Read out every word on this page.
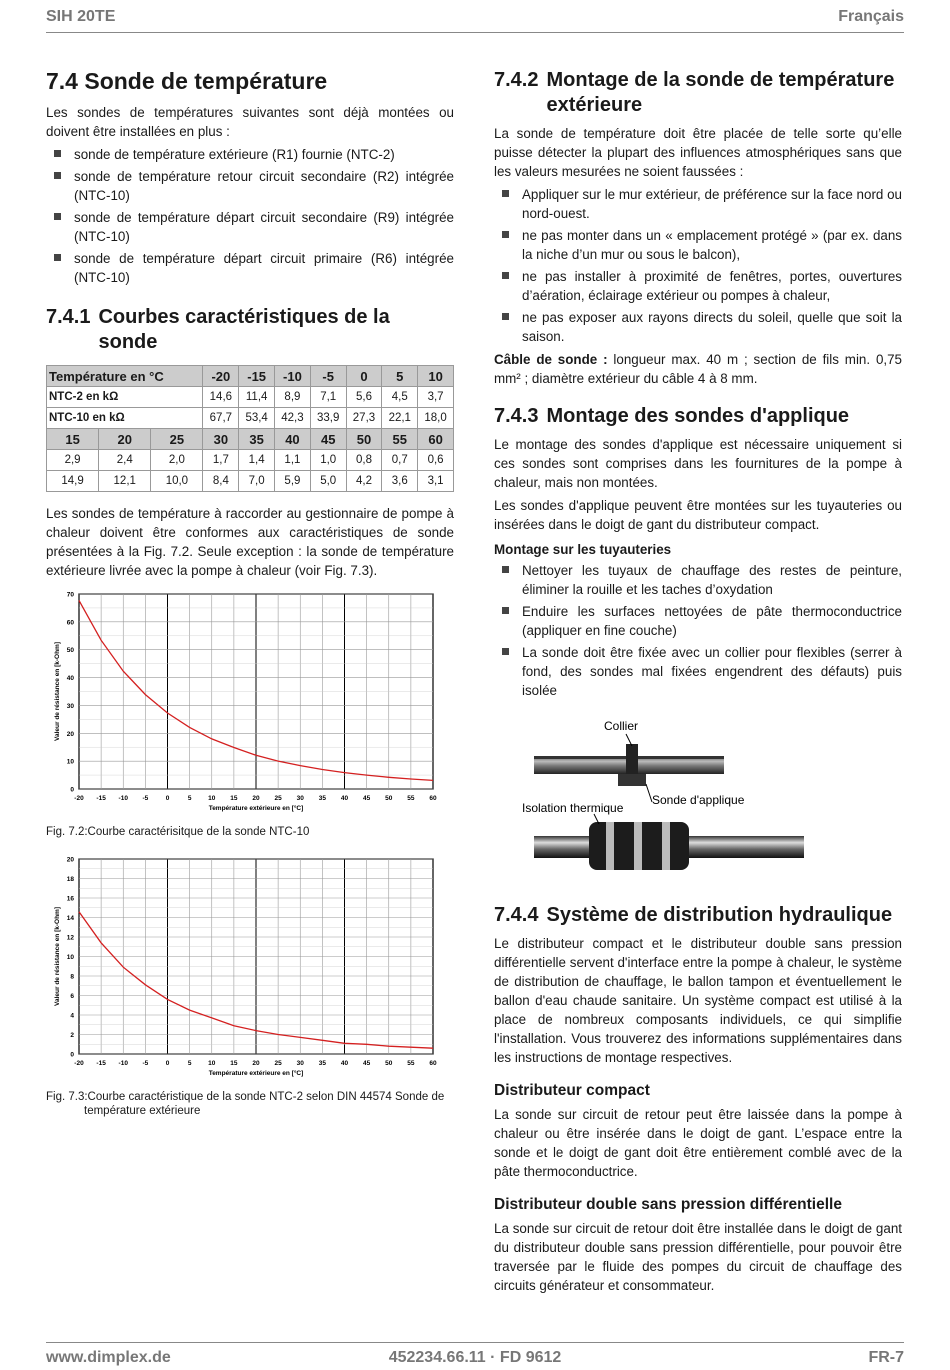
SIH 20TE	Français
7.4 Sonde de température

Les sondes de températures suivantes sont déjà montées ou doivent être installées en plus :

sonde de température extérieure (R1) fournie (NTC-2)
sonde de température retour circuit secondaire (R2) intégrée (NTC-10)
sonde de température départ circuit secondaire (R9) intégrée (NTC-10)
sonde de température départ circuit primaire (R6) intégrée (NTC-10)
7.4.1 Courbes caractéristiques de la sonde
Température en °C			-20	-15	-10	-5	0	5	10
NTC-2 en kΩ			14,6	11,4	8,9	7,1	5,6	4,5	3,7
NTC-10 en kΩ			67,7	53,4	42,3	33,9	27,3	22,1	18,0
15	20	25	30	35	40	45	50	55	60
2,9	2,4	2,0	1,7	1,4	1,1	1,0	0,8	0,7	0,6
14,9	12,1	10,0	8,4	7,0	5,9	5,0	4,2	3,6	3,1

Les sondes de température à raccorder au gestionnaire de pompe à chaleur doivent être conformes aux caractéristiques de sonde présentées à la Fig. 7.2. Seule exception : la sonde de température extérieure livrée avec la pompe à chaleur (voir Fig. 7.3).

-20 -15 -10 -5	0	5	10 15 20 25 30 35 40 45 50 55 60
0
10
20
30
40
50
60
70
Température extérieure en [°C]
Valeur de résistance en [k-Ohm]
Fig. 7.2:Courbe caractérisitque de la sonde NTC-10
-20 -15 -10 -5	0	5	10 15 20 25 30 35 40 45 50 55 60
0
2
4
6
8
10
12
14
16
18
20
Température extérieure en [°C]
Valeur de résistance en [k-Ohm]
Fig. 7.3:Courbe caractéristique de la sonde NTC-2 selon DIN 44574 Sonde de température extérieure
7.4.2 Montage de la sonde de température extérieure

La sonde de température doit être placée de telle sorte qu’elle puisse détecter la plupart des influences atmosphériques sans que les valeurs mesurées ne soient faussées :

Appliquer sur le mur extérieur, de préférence sur la face nord ou nord-ouest.
ne pas monter dans un « emplacement protégé » (par ex. dans la niche d’un mur ou sous le balcon),
ne pas installer à proximité de fenêtres, portes, ouvertures d’aération, éclairage extérieur ou pompes à chaleur,
ne pas exposer aux rayons directs du soleil, quelle que soit la saison.

Câble de sonde : longueur max. 40 m ; section de fils min. 0,75 mm² ; diamètre extérieur du câble 4 à 8 mm.

7.4.3 Montage des sondes d'applique

Le montage des sondes d'applique est nécessaire uniquement si ces sondes sont comprises dans les fournitures de la pompe à chaleur, mais non montées.

Les sondes d'applique peuvent être montées sur les tuyauteries ou insérées dans le doigt de gant du distributeur compact.

Montage sur les tuyauteries
Nettoyer les tuyaux de chauffage des restes de peinture, éliminer la rouille et les taches d’oxydation
Enduire les surfaces nettoyées de pâte thermoconductrice (appliquer en fine couche)
La sonde doit être fixée avec un collier pour flexibles (serrer à fond, des sondes mal fixées engendrent des défauts) puis isolée
Collier
Isolation thermique
Sonde d'applique
7.4.4 Système de distribution hydraulique

Le distributeur compact et le distributeur double sans pression différentielle servent d'interface entre la pompe à chaleur, le système de distribution de chauffage, le ballon tampon et éventuellement le ballon d'eau chaude sanitaire. Un système compact est utilisé à la place de nombreux composants individuels, ce qui simplifie l'installation. Vous trouverez des informations supplémentaires dans les instructions de montage respectives.

Distributeur compact

La sonde sur circuit de retour peut être laissée dans la pompe à chaleur ou être insérée dans le doigt de gant. L’espace entre la sonde et le doigt de gant doit être entièrement comblé avec de la pâte thermoconductrice.

Distributeur double sans pression différentielle

La sonde sur circuit de retour doit être installée dans le doigt de gant du distributeur double sans pression différentielle, pour pouvoir être traversée par le fluide des pompes du circuit de chauffage des circuits générateur et consommateur.

www.dimplex.de	452234.66.11 · FD 9612	FR-7
